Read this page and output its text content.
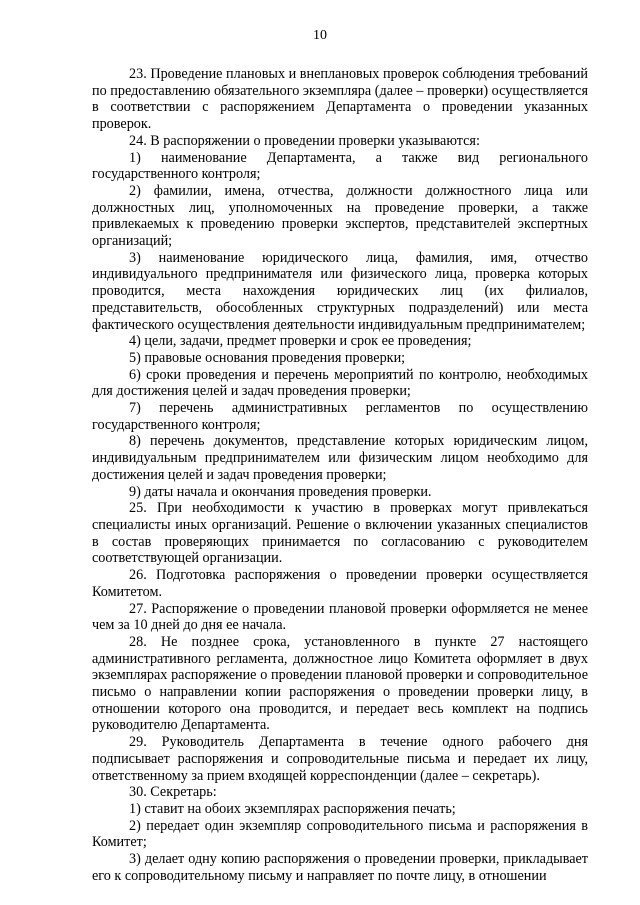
10

23. Проведение плановых и внеплановых проверок соблюдения требований по предоставлению обязательного экземпляра (далее – проверки) осуществляется в соответствии с распоряжением Департамента о проведении указанных проверок.

24. В распоряжении о проведении проверки указываются:

1) наименование Департамента, а также вид регионального государственного контроля;

2) фамилии, имена, отчества, должности должностного лица или должностных лиц, уполномоченных на проведение проверки, а также привлекаемых к проведению проверки экспертов, представителей экспертных организаций;

3) наименование юридического лица, фамилия, имя, отчество индивидуального предпринимателя или физического лица, проверка которых проводится, места нахождения юридических лиц (их филиалов, представительств, обособленных структурных подразделений) или места фактического осуществления деятельности индивидуальным предпринимателем;

4) цели, задачи, предмет проверки и срок ее проведения;

5) правовые основания проведения проверки;

6) сроки проведения и перечень мероприятий по контролю, необходимых для достижения целей и задач проведения проверки;

7) перечень административных регламентов по осуществлению государственного контроля;

8) перечень документов, представление которых юридическим лицом, индивидуальным предпринимателем или физическим лицом необходимо для достижения целей и задач проведения проверки;

9) даты начала и окончания проведения проверки.

25. При необходимости к участию в проверках могут привлекаться специалисты иных организаций. Решение о включении указанных специалистов в состав проверяющих принимается по согласованию с руководителем соответствующей организации.

26. Подготовка распоряжения о проведении проверки осуществляется Комитетом.

27. Распоряжение о проведении плановой проверки оформляется не менее чем за 10 дней до дня ее начала.

28. Не позднее срока, установленного в пункте 27 настоящего административного регламента, должностное лицо Комитета оформляет в двух экземплярах распоряжение о проведении плановой проверки и сопроводительное письмо о направлении копии распоряжения о проведении проверки лицу, в отношении которого она проводится, и передает весь комплект на подпись руководителю Департамента.

29. Руководитель Департамента в течение одного рабочего дня подписывает распоряжения и сопроводительные письма и передает их лицу, ответственному за прием входящей корреспонденции (далее – секретарь).

30. Секретарь:

1) ставит на обоих экземплярах распоряжения печать;

2) передает один экземпляр сопроводительного письма и распоряжения в Комитет;

3) делает одну копию распоряжения о проведении проверки, прикладывает его к сопроводительному письму и направляет по почте лицу, в отношении
